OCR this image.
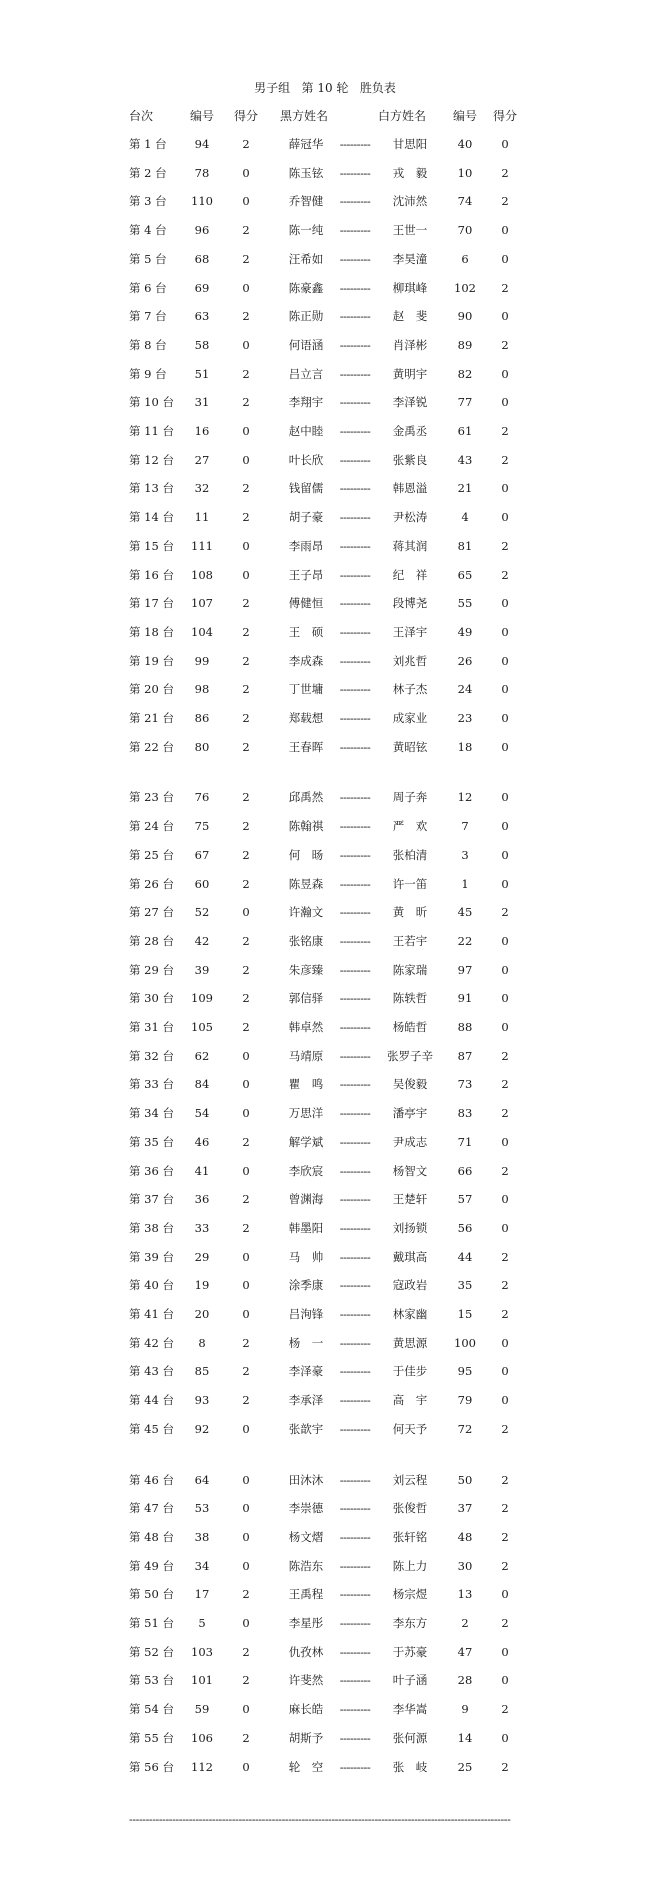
男子组   第 10 轮   胜负表
台次	编号	得分	黑方姓名	白方姓名	编号	得分
第 1 台	94	2	薛冠华	---------	甘思阳	40	0
第 2 台	78	0	陈玉铉	---------	戎　毅	10	2
第 3 台	110	0	乔智健	---------	沈沛然	74	2
第 4 台	96	2	陈一纯	---------	王世一	70	0
第 5 台	68	2	汪希如	---------	李昊潼	6	0
第 6 台	69	0	陈豪鑫	---------	柳琪峰	102	2
第 7 台	63	2	陈正勋	---------	赵　斐	90	0
第 8 台	58	0	何语涵	---------	肖泽彬	89	2
第 9 台	51	2	吕立言	---------	黄明宇	82	0
第 10 台	31	2	李翔宇	---------	李泽锐	77	0
第 11 台	16	0	赵中睦	---------	金禹丞	61	2
第 12 台	27	0	叶长欣	---------	张紫良	43	2
第 13 台	32	2	钱留儒	---------	韩恩溢	21	0
第 14 台	11	2	胡子豪	---------	尹松涛	4	0
第 15 台	111	0	李雨昂	---------	蒋其润	81	2
第 16 台	108	0	王子昂	---------	纪　祥	65	2
第 17 台	107	2	傅健恒	---------	段博尧	55	0
第 18 台	104	2	王　硕	---------	王泽宇	49	0
第 19 台	99	2	李成森	---------	刘兆哲	26	0
第 20 台	98	2	丁世墉	---------	林子杰	24	0
第 21 台	86	2	郑载想	---------	成家业	23	0
第 22 台	80	2	王春晖	---------	黄昭铉	18	0
第 23 台	76	2	邱禹然	---------	周子奔	12	0
第 24 台	75	2	陈翰祺	---------	严　欢	7	0
第 25 台	67	2	何　旸	---------	张柏清	3	0
第 26 台	60	2	陈昱森	---------	许一笛	1	0
第 27 台	52	0	许瀚文	---------	黄　昕	45	2
第 28 台	42	2	张铭康	---------	王若宇	22	0
第 29 台	39	2	朱彦臻	---------	陈家瑞	97	0
第 30 台	109	2	郭信驿	---------	陈轶哲	91	0
第 31 台	105	2	韩卓然	---------	杨皓哲	88	0
第 32 台	62	0	马靖原	---------	张罗子辛	87	2
第 33 台	84	0	瞿　鸣	---------	吴俊毅	73	2
第 34 台	54	0	万思洋	---------	潘亭宇	83	2
第 35 台	46	2	解学斌	---------	尹成志	71	0
第 36 台	41	0	李欣宸	---------	杨智文	66	2
第 37 台	36	2	曾渊海	---------	王楚轩	57	0
第 38 台	33	2	韩墨阳	---------	刘扬锁	56	0
第 39 台	29	0	马　帅	---------	戴琪高	44	2
第 40 台	19	0	涂季康	---------	寇政岩	35	2
第 41 台	20	0	吕洵锋	---------	林家幽	15	2
第 42 台	8	2	杨　一	---------	黄思源	100	0
第 43 台	85	2	李泽豪	---------	于佳步	95	0
第 44 台	93	2	李承泽	---------	高　宇	79	0
第 45 台	92	0	张歆宇	---------	何天予	72	2
第 46 台	64	0	田沐沐	---------	刘云程	50	2
第 47 台	53	0	李崇德	---------	张俊哲	37	2
第 48 台	38	0	杨文熠	---------	张轩铭	48	2
第 49 台	34	0	陈浩东	---------	陈上力	30	2
第 50 台	17	2	王禹程	---------	杨宗煜	13	0
第 51 台	5	0	李星彤	---------	李东方	2	2
第 52 台	103	2	仇孜林	---------	于苏豪	47	0
第 53 台	101	2	许斐然	---------	叶子涵	28	0
第 54 台	59	0	麻长皓	---------	李华嵩	9	2
第 55 台	106	2	胡斯予	---------	张何源	14	0
第 56 台	112	0	轮　空	---------	张　岐	25	2
-------------------------------------------------------------------------------------------------------------------
